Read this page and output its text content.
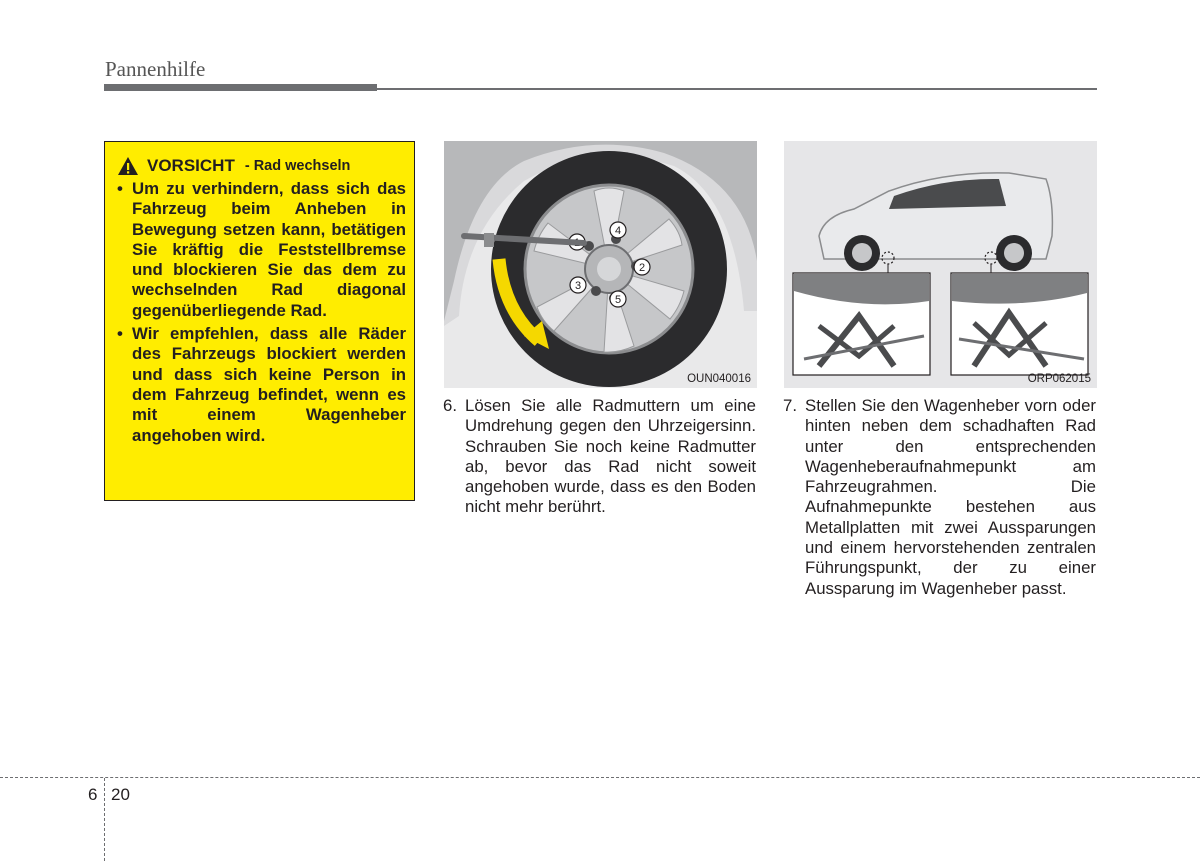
Pannenhilfe
VORSICHT - Rad wechseln
• Um zu verhindern, dass sich das Fahrzeug beim Anheben in Bewegung setzen kann, betätigen Sie kräftig die Feststellbremse und blockieren Sie das dem zu wechselnden Rad diagonal gegenüberliegende Rad.
• Wir empfehlen, dass alle Räder des Fahrzeugs blockiert werden und dass sich keine Person in dem Fahrzeug befindet, wenn es mit einem Wagenheber angehoben wird.
2
3
4
5
OUN040016	ORP062015
6. Lösen Sie alle Radmuttern um eine Umdrehung gegen den Uhrzeigersinn. Schrauben Sie noch keine Radmutter ab, bevor das Rad nicht soweit angehoben wurde, dass es den Boden nicht mehr berührt.
7. Stellen Sie den Wagenheber vorn oder hinten neben dem schadhaften Rad unter den entsprechenden Wagenheberaufnahmepunkt am Fahrzeugrahmen. Die Aufnahmepunkte bestehen aus Metallplatten mit zwei Aussparungen und einem hervorstehenden zentralen Führungspunkt, der zu einer Aussparung im Wagenheber passt.
6 20
